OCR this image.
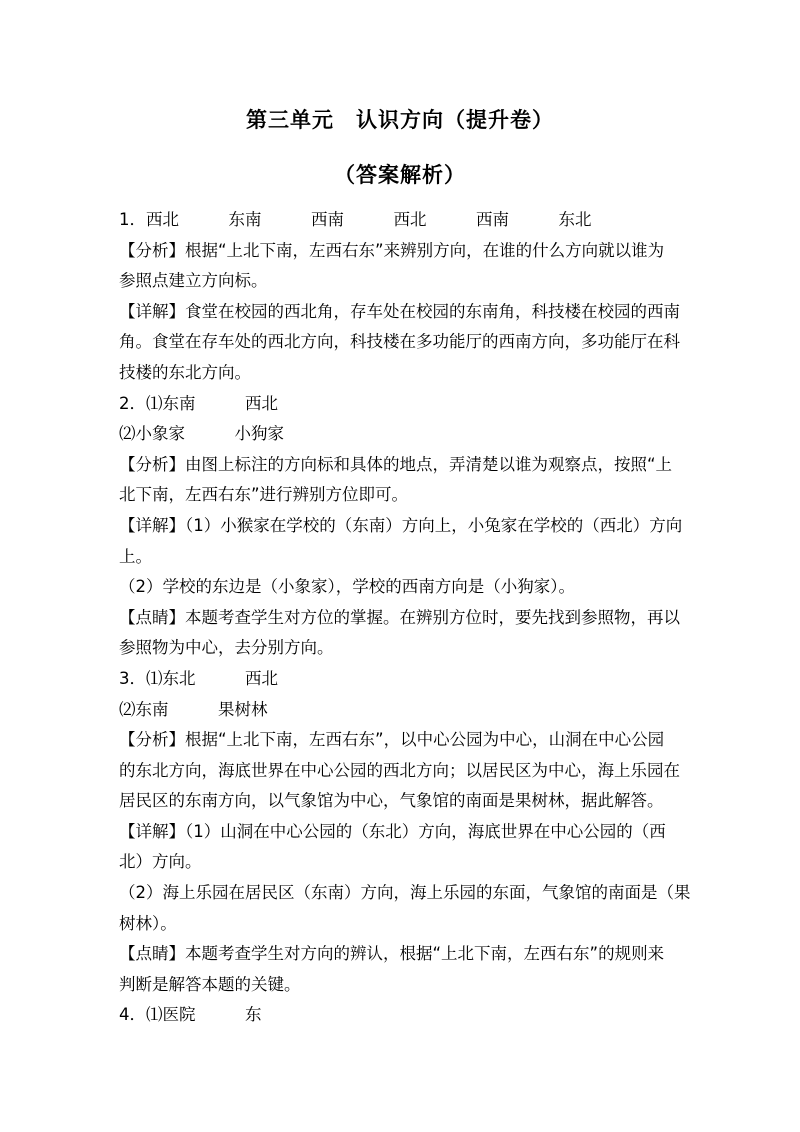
第三单元　认识方向（提升卷）
（答案解析）
1．西北　　　东南　　　西南　　　西北　　　西南　　　东北
【分析】根据“上北下南，左西右东”来辨别方向，在谁的什么方向就以谁为
参照点建立方向标。
【详解】食堂在校园的西北角，存车处在校园的东南角，科技楼在校园的西南
角。食堂在存车处的西北方向，科技楼在多功能厅的西南方向，多功能厅在科
技楼的东北方向。
2．⑴东南　　　西北
⑵小象家　　　小狗家
【分析】由图上标注的方向标和具体的地点，弄清楚以谁为观察点，按照“上
北下南，左西右东”进行辨别方位即可。
【详解】（1）小猴家在学校的（东南）方向上，小兔家在学校的（西北）方向
上。
（2）学校的东边是（小象家），学校的西南方向是（小狗家）。
【点睛】本题考查学生对方位的掌握。在辨别方位时，要先找到参照物，再以
参照物为中心，去分别方向。
3．⑴东北　　　西北
⑵东南　　　果树林
【分析】根据“上北下南，左西右东”，以中心公园为中心，山洞在中心公园
的东北方向，海底世界在中心公园的西北方向；以居民区为中心，海上乐园在
居民区的东南方向，以气象馆为中心，气象馆的南面是果树林，据此解答。
【详解】（1）山洞在中心公园的（东北）方向，海底世界在中心公园的（西
北）方向。
（2）海上乐园在居民区（东南）方向，海上乐园的东面，气象馆的南面是（果
树林）。
【点睛】本题考查学生对方向的辨认，根据“上北下南，左西右东”的规则来
判断是解答本题的关键。
4．⑴医院　　　东
